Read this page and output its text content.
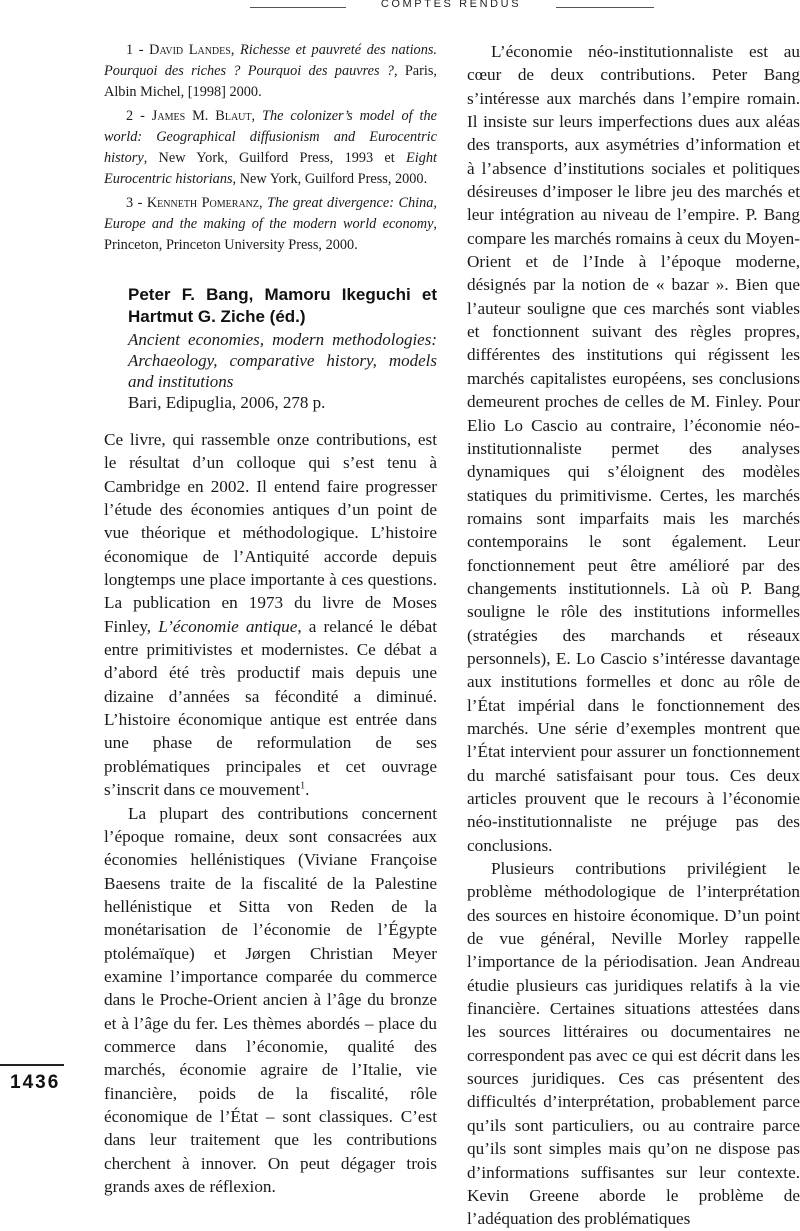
COMPTES RENDUS

1 - David Landes, Richesse et pauvreté des nations. Pourquoi des riches ? Pourquoi des pauvres ?, Paris, Albin Michel, [1998] 2000.

2 - James M. Blaut, The colonizer’s model of the world: Geographical diffusionism and Eurocentric history, New York, Guilford Press, 1993 et Eight Eurocentric historians, New York, Guilford Press, 2000.

3 - Kenneth Pomeranz, The great divergence: China, Europe and the making of the modern world economy, Princeton, Princeton University Press, 2000.

Peter F. Bang, Mamoru Ikeguchi et Hartmut G. Ziche (éd.)
Ancient economies, modern methodologies: Archaeology, comparative history, models and institutions
Bari, Edipuglia, 2006, 278 p.

Ce livre, qui rassemble onze contributions, est le résultat d’un colloque qui s’est tenu à Cambridge en 2002. Il entend faire progresser l’étude des économies antiques d’un point de vue théorique et méthodologique. L’histoire économique de l’Antiquité accorde depuis longtemps une place importante à ces questions. La publication en 1973 du livre de Moses Finley, L’économie antique, a relancé le débat entre primitivistes et modernistes. Ce débat a d’abord été très productif mais depuis une dizaine d’années sa fécondité a diminué. L’histoire économique antique est entrée dans une phase de reformulation de ses problématiques principales et cet ouvrage s’inscrit dans ce mouvement$^1$.

La plupart des contributions concernent l’époque romaine, deux sont consacrées aux économies hellénistiques (Viviane Françoise Baesens traite de la fiscalité de la Palestine hellénistique et Sitta von Reden de la monétarisation de l’économie de l’Égypte ptolémaïque) et Jørgen Christian Meyer examine l’importance comparée du commerce dans le Proche-Orient ancien à l’âge du bronze et à l’âge du fer. Les thèmes abordés – place du commerce dans l’économie, qualité des marchés, économie agraire de l’Italie, vie financière, poids de la fiscalité, rôle économique de l’État – sont classiques. C’est dans leur traitement que les contributions cherchent à innover. On peut dégager trois grands axes de réflexion.

L’économie néo-institutionnaliste est au cœur de deux contributions. Peter Bang s’intéresse aux marchés dans l’empire romain. Il insiste sur leurs imperfections dues aux aléas des transports, aux asymétries d’information et à l’absence d’institutions sociales et politiques désireuses d’imposer le libre jeu des marchés et leur intégration au niveau de l’empire. P. Bang compare les marchés romains à ceux du Moyen-Orient et de l’Inde à l’époque moderne, désignés par la notion de « bazar ». Bien que l’auteur souligne que ces marchés sont viables et fonctionnent suivant des règles propres, différentes des institutions qui régissent les marchés capitalistes européens, ses conclusions demeurent proches de celles de M. Finley. Pour Elio Lo Cascio au contraire, l’économie néo-institutionnaliste permet des analyses dynamiques qui s’éloignent des modèles statiques du primitivisme. Certes, les marchés romains sont imparfaits mais les marchés contemporains le sont également. Leur fonctionnement peut être amélioré par des changements institutionnels. Là où P. Bang souligne le rôle des institutions informelles (stratégies des marchands et réseaux personnels), E. Lo Cascio s’intéresse davantage aux institutions formelles et donc au rôle de l’État impérial dans le fonctionnement des marchés. Une série d’exemples montrent que l’État intervient pour assurer un fonctionnement du marché satisfaisant pour tous. Ces deux articles prouvent que le recours à l’économie néo-institutionnaliste ne préjuge pas des conclusions.

Plusieurs contributions privilégient le problème méthodologique de l’interprétation des sources en histoire économique. D’un point de vue général, Neville Morley rappelle l’importance de la périodisation. Jean Andreau étudie plusieurs cas juridiques relatifs à la vie financière. Certaines situations attestées dans les sources littéraires ou documentaires ne correspondent pas avec ce qui est décrit dans les sources juridiques. Ces cas présentent des difficultés d’interprétation, probablement parce qu’ils sont particuliers, ou au contraire parce qu’ils sont simples mais qu’on ne dispose pas d’informations suffisantes sur leur contexte. Kevin Greene aborde le problème de l’adéquation des problématiques

1436
